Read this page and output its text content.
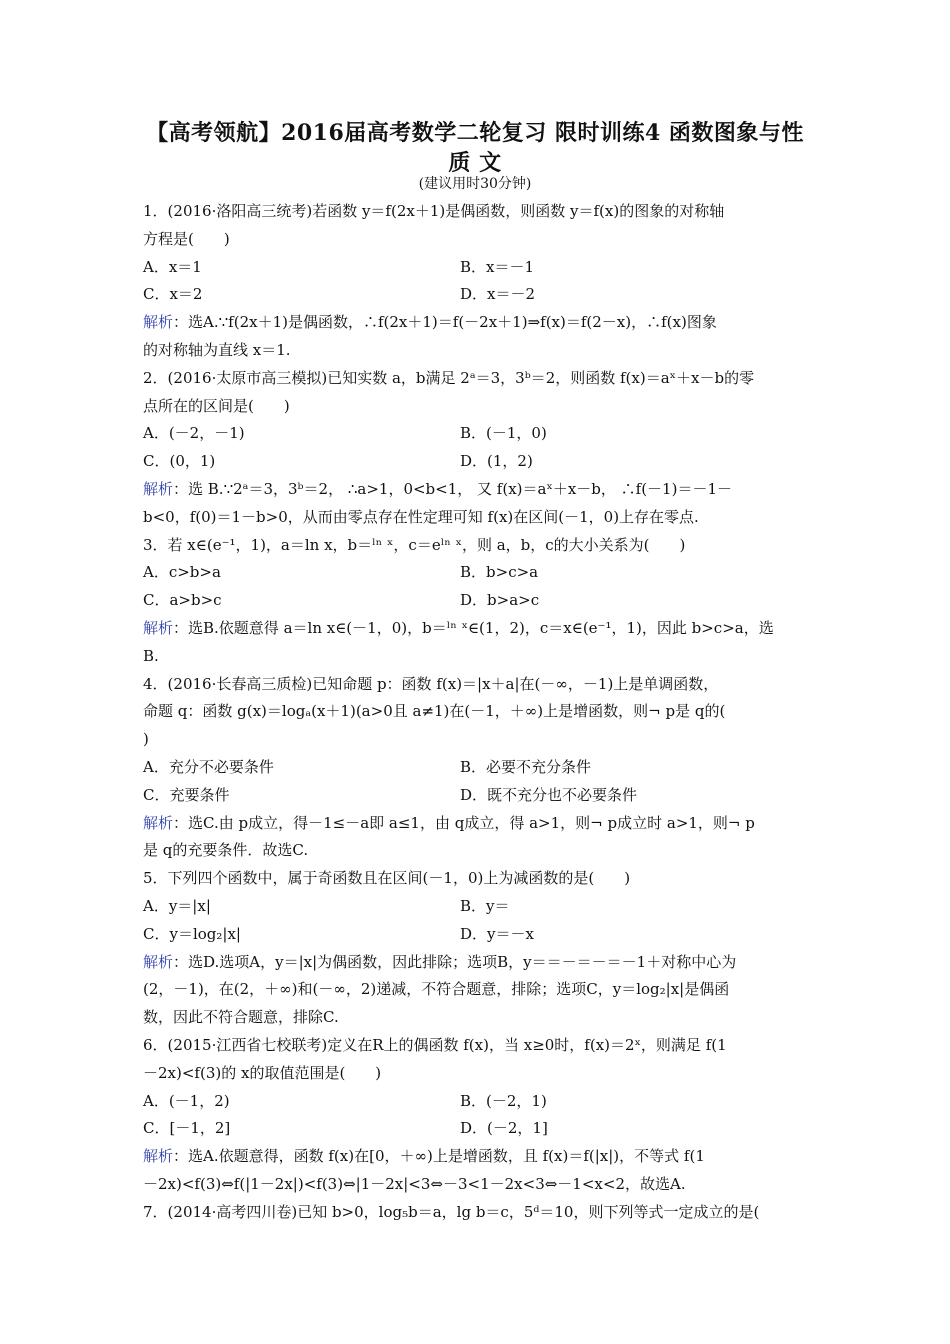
【高考领航】2016届高考数学二轮复习 限时训练4 函数图象与性
质 文
(建议用时30分钟)
1．(2016·洛阳高三统考)若函数 y＝f(2x＋1)是偶函数，则函数 y＝f(x)的图象的对称轴
方程是(　　)
A．x＝1	B．x＝－1
C．x＝2	D．x＝－2
解析：选A.∵f(2x＋1)是偶函数，∴f(2x＋1)＝f(－2x＋1)⇒f(x)＝f(2－x)，∴f(x)图象
的对称轴为直线 x＝1.
2．(2016·太原市高三模拟)已知实数 a，b满足 2ᵃ＝3，3ᵇ＝2，则函数 f(x)＝aˣ＋x－b的零
点所在的区间是(　　)
A．(－2，－1)	B．(－1，0)
C．(0，1)	D．(1，2)
解析：选 B.∵2ᵃ＝3，3ᵇ＝2， ∴a>1，0<b<1， 又 f(x)＝aˣ＋x－b， ∴f(－1)＝－1－
b<0，f(0)＝1－b>0，从而由零点存在性定理可知 f(x)在区间(－1，0)上存在零点.
3．若 x∈(e⁻¹，1)，a＝ln x，b＝ˡⁿ ˣ，c＝eˡⁿ ˣ，则 a，b，c的大小关系为(　　)
A．c>b>a	B．b>c>a
C．a>b>c	D．b>a>c
解析：选B.依题意得 a＝ln x∈(－1，0)，b＝ˡⁿ ˣ∈(1，2)，c＝x∈(e⁻¹，1)，因此 b>c>a，选
B.
4．(2016·长春高三质检)已知命题 p：函数 f(x)＝|x＋a|在(－∞，－1)上是单调函数，
命题 q：函数 g(x)＝logₐ(x＋1)(a>0且 a≠1)在(－1，＋∞)上是增函数，则¬ p是 q的(
)
A．充分不必要条件	B．必要不充分条件
C．充要条件	D．既不充分也不必要条件
解析：选C.由 p成立，得－1≤－a即 a≤1，由 q成立，得 a>1，则¬ p成立时 a>1，则¬ p
是 q的充要条件．故选C.
5．下列四个函数中，属于奇函数且在区间(－1，0)上为减函数的是(　　)
A．y＝|x|	B．y＝
C．y＝log₂|x|	D．y＝－x
解析：选D.选项A，y＝|x|为偶函数，因此排除；选项B，y＝＝－＝－＝－1＋对称中心为
(2，－1)，在(2，＋∞)和(－∞，2)递减，不符合题意，排除；选项C，y＝log₂|x|是偶函
数，因此不符合题意，排除C.
6．(2015·江西省七校联考)定义在R上的偶函数 f(x)，当 x≥0时，f(x)＝2ˣ，则满足 f(1
－2x)<f(3)的 x的取值范围是(　　)
A．(－1，2)	B．(－2，1)
C．[－1，2]	D．(－2，1]
解析：选A.依题意得，函数 f(x)在[0，＋∞)上是增函数，且 f(x)＝f(|x|)，不等式 f(1
－2x)<f(3)⇔f(|1－2x|)<f(3)⇔|1－2x|<3⇔－3<1－2x<3⇔－1<x<2，故选A.
7．(2014·高考四川卷)已知 b>0，log₅b＝a，lg b＝c，5ᵈ＝10，则下列等式一定成立的是(
